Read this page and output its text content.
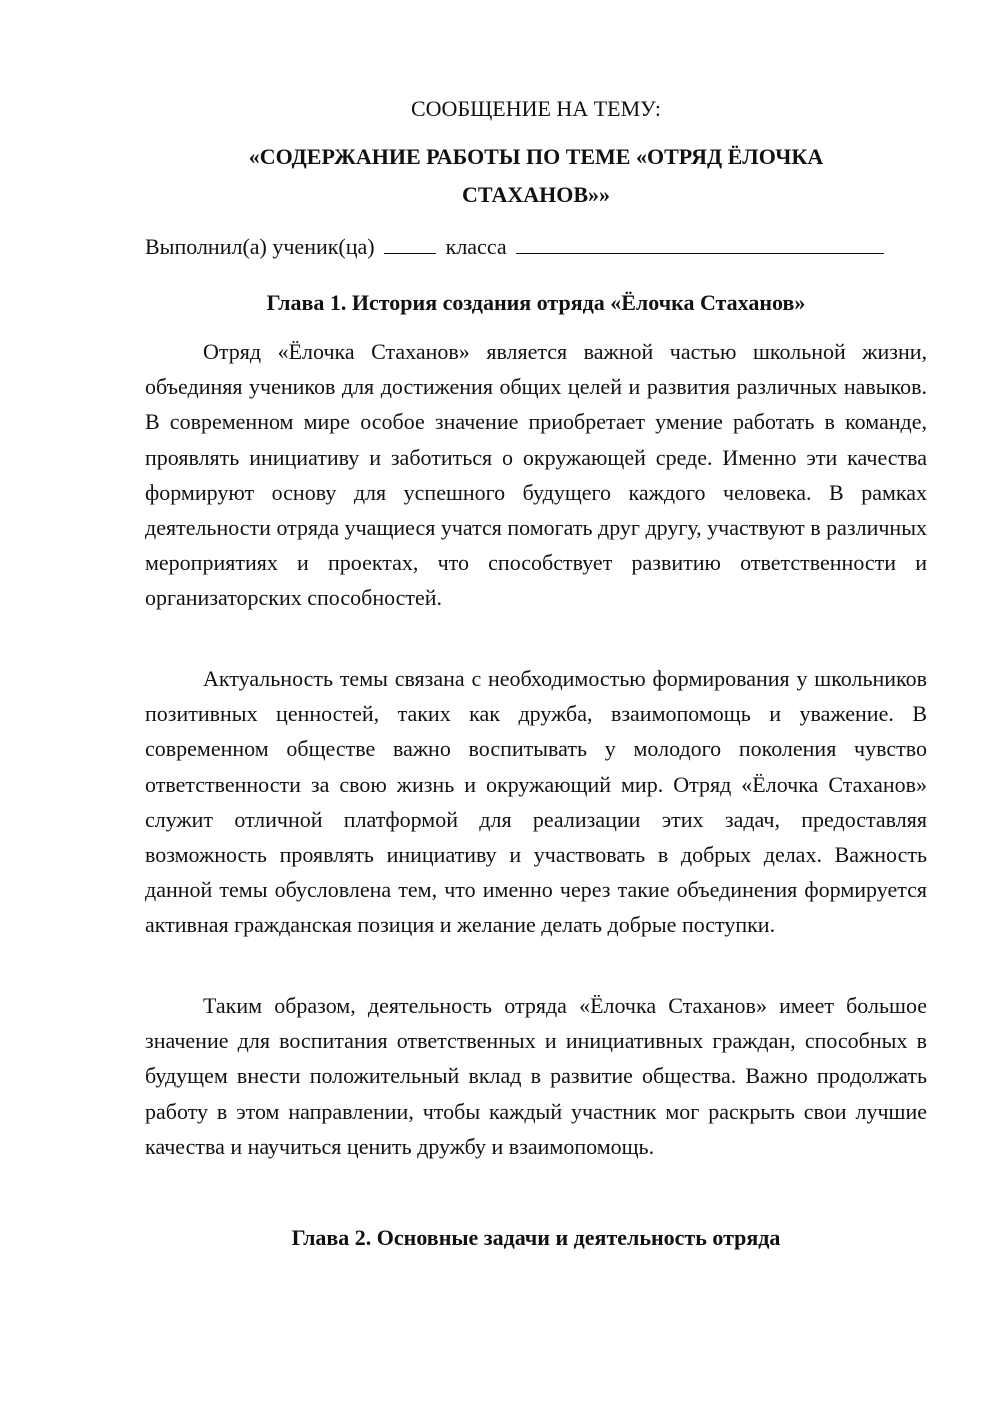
СООБЩЕНИЕ НА ТЕМУ:
«СОДЕРЖАНИЕ РАБОТЫ ПО ТЕМЕ «ОТРЯД ЁЛОЧКА СТАХАНОВ»»
Выполнил(а) ученик(ца)	класса
Глава 1. История создания отряда «Ёлочка Стаханов»

Отряд «Ёлочка Стаханов» является важной частью школьной жизни, объединяя учеников для достижения общих целей и развития различных навыков. В современном мире особое значение приобретает умение работать в команде, проявлять инициативу и заботиться о окружающей среде. Именно эти качества формируют основу для успешного будущего каждого человека. В рамках деятельности отряда учащиеся учатся помогать друг другу, участвуют в различных мероприятиях и проектах, что способствует развитию ответственности и организаторских способностей.

Актуальность темы связана с необходимостью формирования у школьников позитивных ценностей, таких как дружба, взаимопомощь и уважение. В современном обществе важно воспитывать у молодого поколения чувство ответственности за свою жизнь и окружающий мир. Отряд «Ёлочка Стаханов» служит отличной платформой для реализации этих задач, предоставляя возможность проявлять инициативу и участвовать в добрых делах. Важность данной темы обусловлена тем, что именно через такие объединения формируется активная гражданская позиция и желание делать добрые поступки.

Таким образом, деятельность отряда «Ёлочка Стаханов» имеет большое значение для воспитания ответственных и инициативных граждан, способных в будущем внести положительный вклад в развитие общества. Важно продолжать работу в этом направлении, чтобы каждый участник мог раскрыть свои лучшие качества и научиться ценить дружбу и взаимопомощь.

Глава 2. Основные задачи и деятельность отряда
